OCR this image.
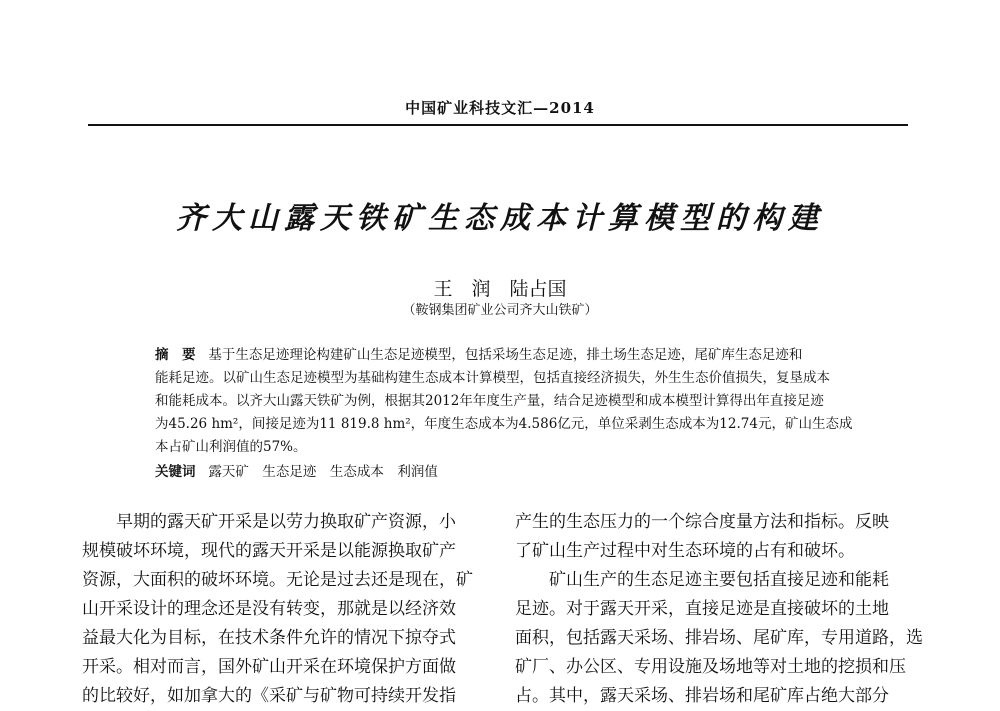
中国矿业科技文汇—2014
齐大山露天铁矿生态成本计算模型的构建
王　润　陆占国
（鞍钢集团矿业公司齐大山铁矿）
摘　要 基于生态足迹理论构建矿山生态足迹模型，包括采场生态足迹，排土场生态足迹，尾矿库生态足迹和
能耗足迹。以矿山生态足迹模型为基础构建生态成本计算模型，包括直接经济损失，外生生态价值损失，复垦成本
和能耗成本。以齐大山露天铁矿为例，根据其2012年年度生产量，结合足迹模型和成本模型计算得出年直接足迹
为45.26 hm²，间接足迹为11 819.8 hm²，年度生态成本为4.586亿元，单位采剥生态成本为12.74元，矿山生态成
本占矿山利润值的57%。
关键词 露天矿　生态足迹　生态成本　利润值
　　早期的露天矿开采是以劳力换取矿产资源，小
规模破坏环境，现代的露天开采是以能源换取矿产
资源，大面积的破坏环境。无论是过去还是现在，矿
山开采设计的理念还是没有转变，那就是以经济效
益最大化为目标，在技术条件允许的情况下掠夺式
开采。相对而言，国外矿山开采在环境保护方面做
的比较好，如加拿大的《采矿与矿物可持续开发指
产生的生态压力的一个综合度量方法和指标。反映
了矿山生产过程中对生态环境的占有和破坏。
　　矿山生产的生态足迹主要包括直接足迹和能耗
足迹。对于露天开采，直接足迹是直接破坏的土地
面积，包括露天采场、排岩场、尾矿库，专用道路，选
矿厂、办公区、专用设施及场地等对土地的挖损和压
占。其中，露天采场、排岩场和尾矿库占绝大部分
